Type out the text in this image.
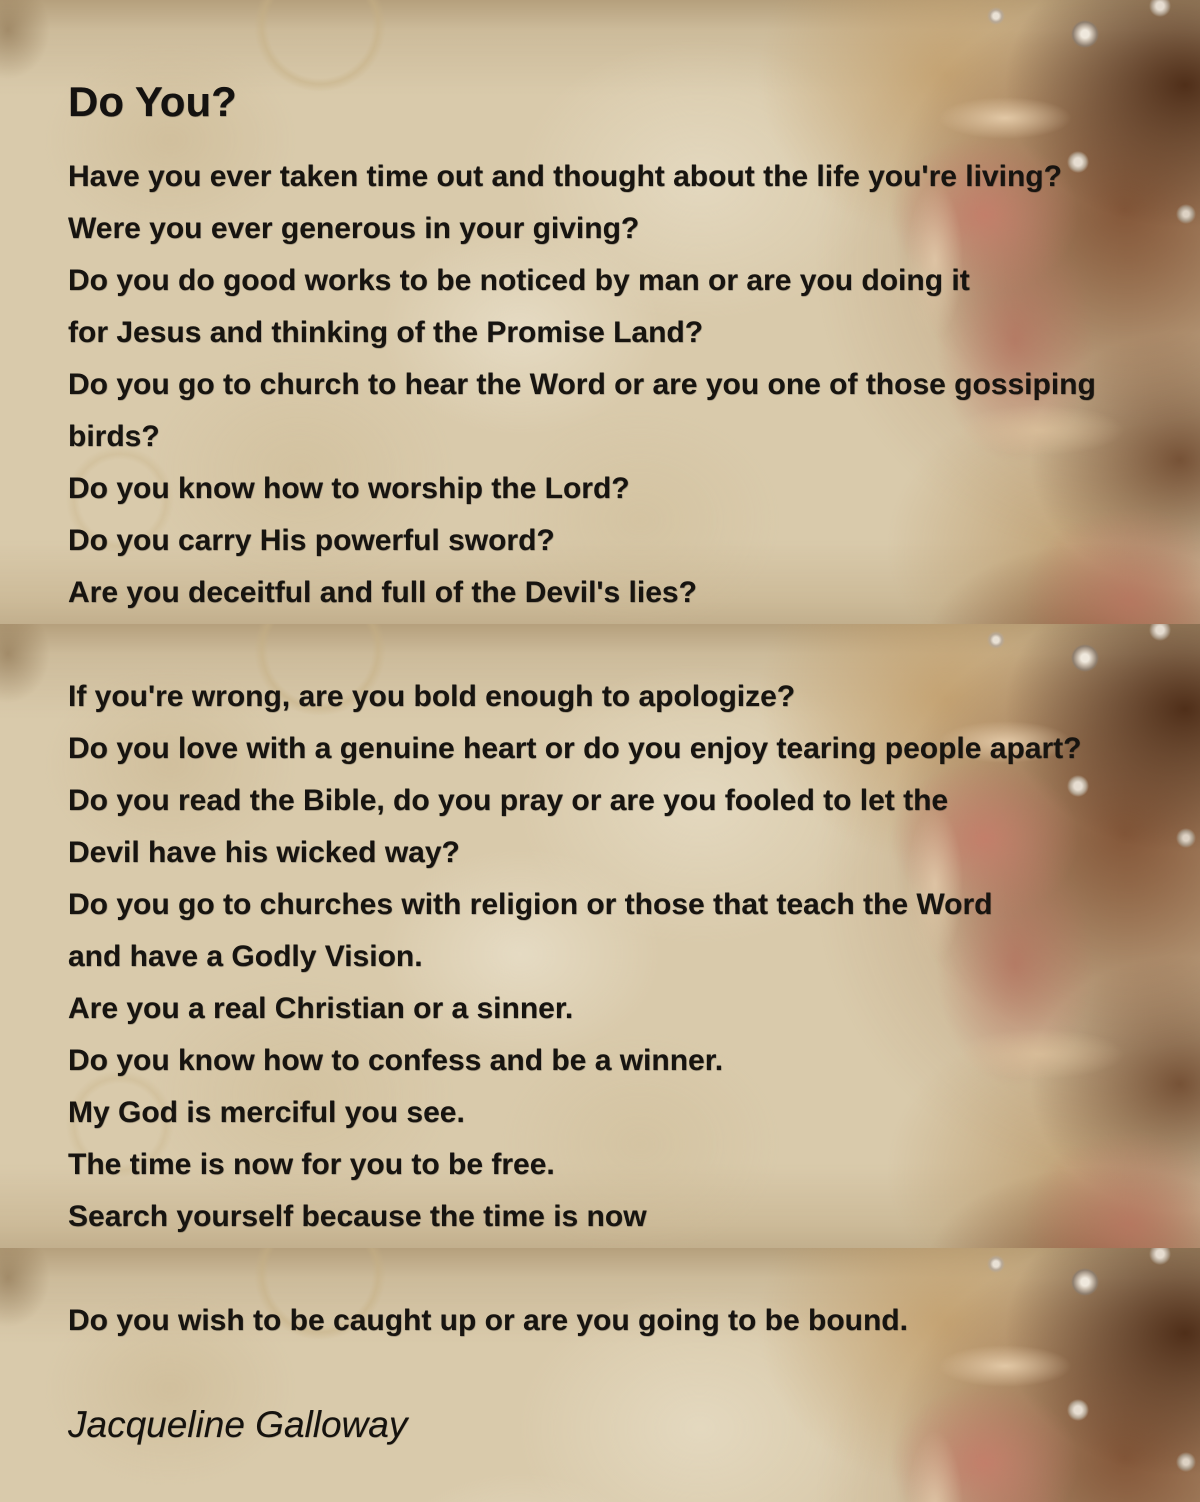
Do You?
Have you ever taken time out and thought about the life you're living?
Were you ever generous in your giving?
Do you do good works to be noticed by man or are you doing it
for Jesus and thinking of the Promise Land?
Do you go to church to hear the Word or are you one of those gossiping
birds?
Do you know how to worship the Lord?
Do you carry His powerful sword?
Are you deceitful and full of the Devil's lies?
If you're wrong, are you bold enough to apologize?
Do you love with a genuine heart or do you enjoy tearing people apart?
Do you read the Bible, do you pray or are you fooled to let the
Devil have his wicked way?
Do you go to churches with religion or those that teach the Word
and have a Godly Vision.
Are you a real Christian or a sinner.
Do you know how to confess and be a winner.
My God is merciful you see.
The time is now for you to be free.
Search yourself because the time is now
Do you wish to be caught up or are you going to be bound.
Jacqueline Galloway
